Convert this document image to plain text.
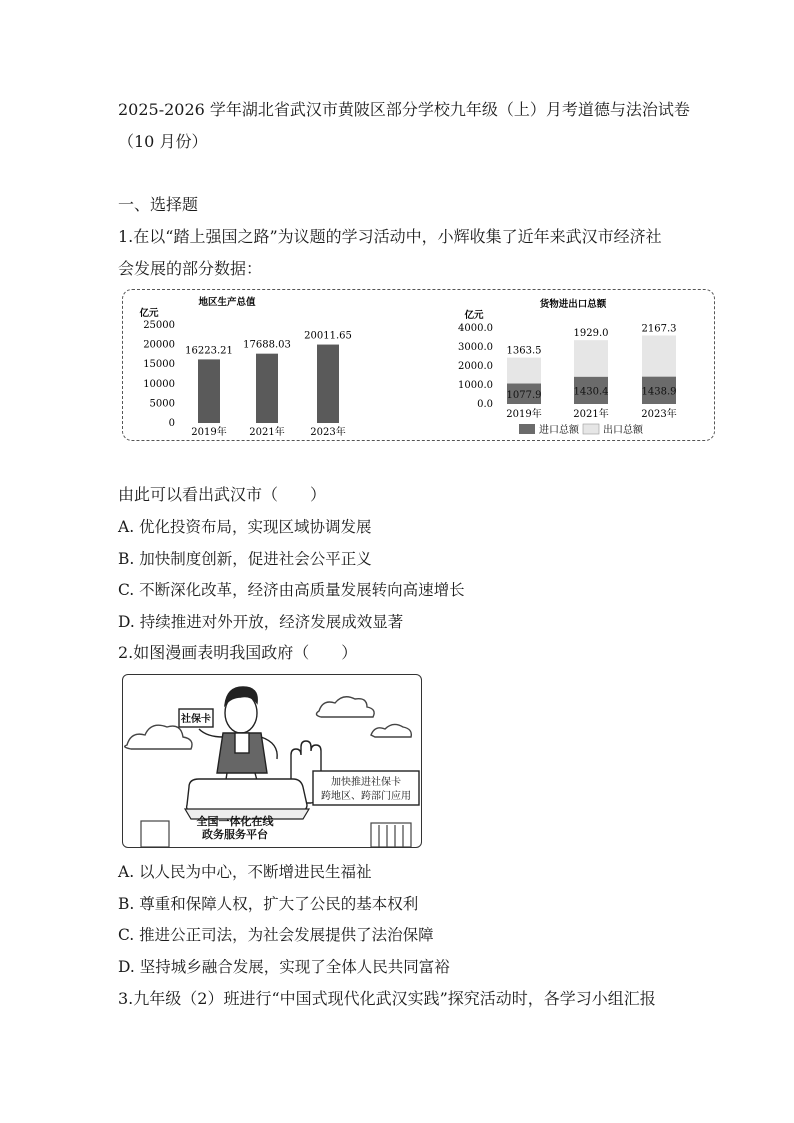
2025-2026 学年湖北省武汉市黄陂区部分学校九年级（上）月考道德与法治试卷
（10 月份）
一、选择题
1.在以“踏上强国之路”为议题的学习活动中，小辉收集了近年来武汉市经济社
会发展的部分数据：
地区生产总值
亿元
25000
20000
15000
10000
5000
0
16223.21
2019年
17688.03
2021年
20011.65
2023年
货物进出口总额
亿元
4000.0
3000.0
2000.0
1000.0
0.0
1077.9
1363.5
2019年
1430.4
1929.0
2021年
1438.9
2167.3
2023年
进口总额 出口总额
由此可以看出武汉市（　　）
A. 优化投资布局，实现区域协调发展
B. 加快制度创新，促进社会公平正义
C. 不断深化改革，经济由高质量发展转向高速增长
D. 持续推进对外开放，经济发展成效显著
2.如图漫画表明我国政府（　　）
社保卡
加快推进社保卡
跨地区、跨部门应用
全国一体化在线
政务服务平台
A. 以人民为中心，不断增进民生福祉
B. 尊重和保障人权，扩大了公民的基本权利
C. 推进公正司法，为社会发展提供了法治保障
D. 坚持城乡融合发展，实现了全体人民共同富裕
3.九年级（2）班进行“中国式现代化武汉实践”探究活动时，各学习小组汇报
